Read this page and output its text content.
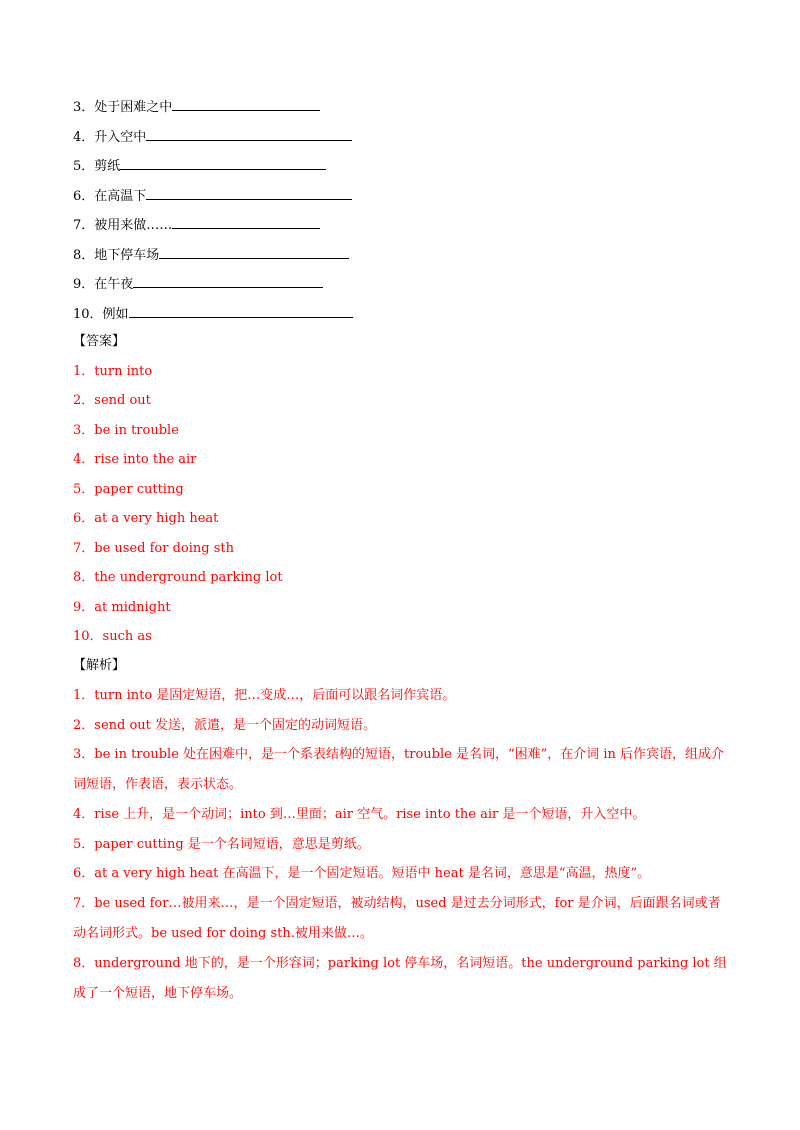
3．处于困难之中
4．升入空中
5．剪纸
6．在高温下
7．被用来做……
8．地下停车场
9．在午夜
10．例如
【答案】
1．turn into
2．send out
3．be in trouble
4．rise into the air
5．paper cutting
6．at a very high heat
7．be used for doing sth
8．the underground parking lot
9．at midnight
10．such as
【解析】
1．turn into 是固定短语，把…变成…，后面可以跟名词作宾语。
2．send out 发送，派遣，是一个固定的动词短语。
3．be in trouble 处在困难中，是一个系表结构的短语，trouble 是名词，“困难”，在介词 in 后作宾语，组成介词短语，作表语，表示状态。
4．rise 上升，是一个动词；into 到…里面；air 空气。rise into the air 是一个短语，升入空中。
5．paper cutting 是一个名词短语，意思是剪纸。
6．at a very high heat 在高温下，是一个固定短语。短语中 heat 是名词，意思是“高温，热度”。
7．be used for…被用来…，是一个固定短语，被动结构，used 是过去分词形式，for 是介词，后面跟名词或者动名词形式。be used for doing sth.被用来做…。
8．underground 地下的，是一个形容词；parking lot 停车场，名词短语。the underground parking lot 组成了一个短语，地下停车场。
